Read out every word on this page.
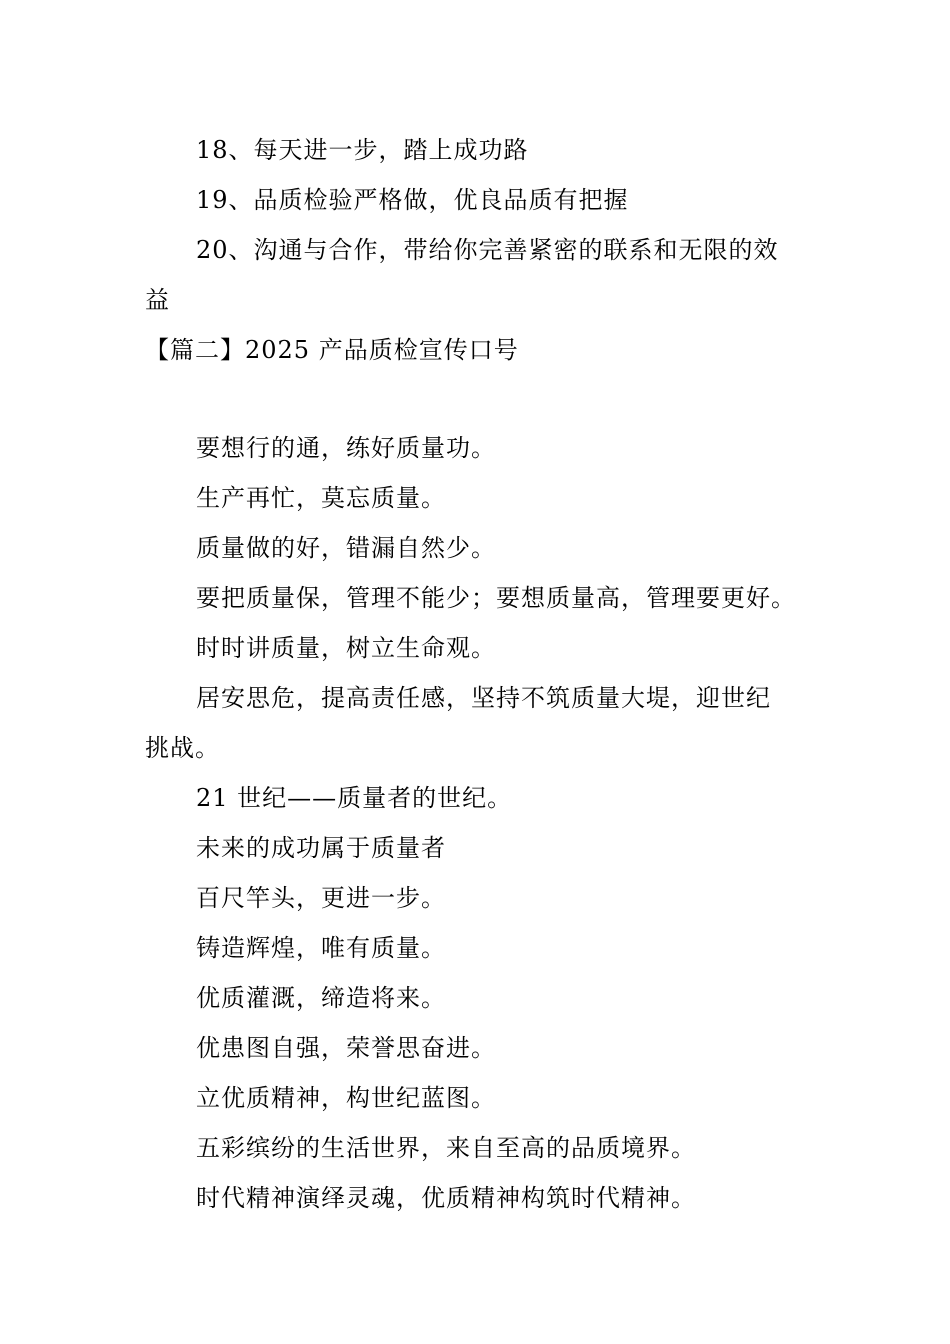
18、每天进一步，踏上成功路
19、品质检验严格做，优良品质有把握
20、沟通与合作，带给你完善紧密的联系和无限的效
益
【篇二】2025 产品质检宣传口号
要想行的通，练好质量功。
生产再忙，莫忘质量。
质量做的好，错漏自然少。
要把质量保，管理不能少；要想质量高，管理要更好。
时时讲质量，树立生命观。
居安思危，提高责任感，坚持不筑质量大堤，迎世纪
挑战。
21 世纪——质量者的世纪。
未来的成功属于质量者
百尺竿头，更进一步。
铸造辉煌，唯有质量。
优质灌溉，缔造将来。
优患图自强，荣誉思奋进。
立优质精神，构世纪蓝图。
五彩缤纷的生活世界，来自至高的品质境界。
时代精神演绎灵魂，优质精神构筑时代精神。
